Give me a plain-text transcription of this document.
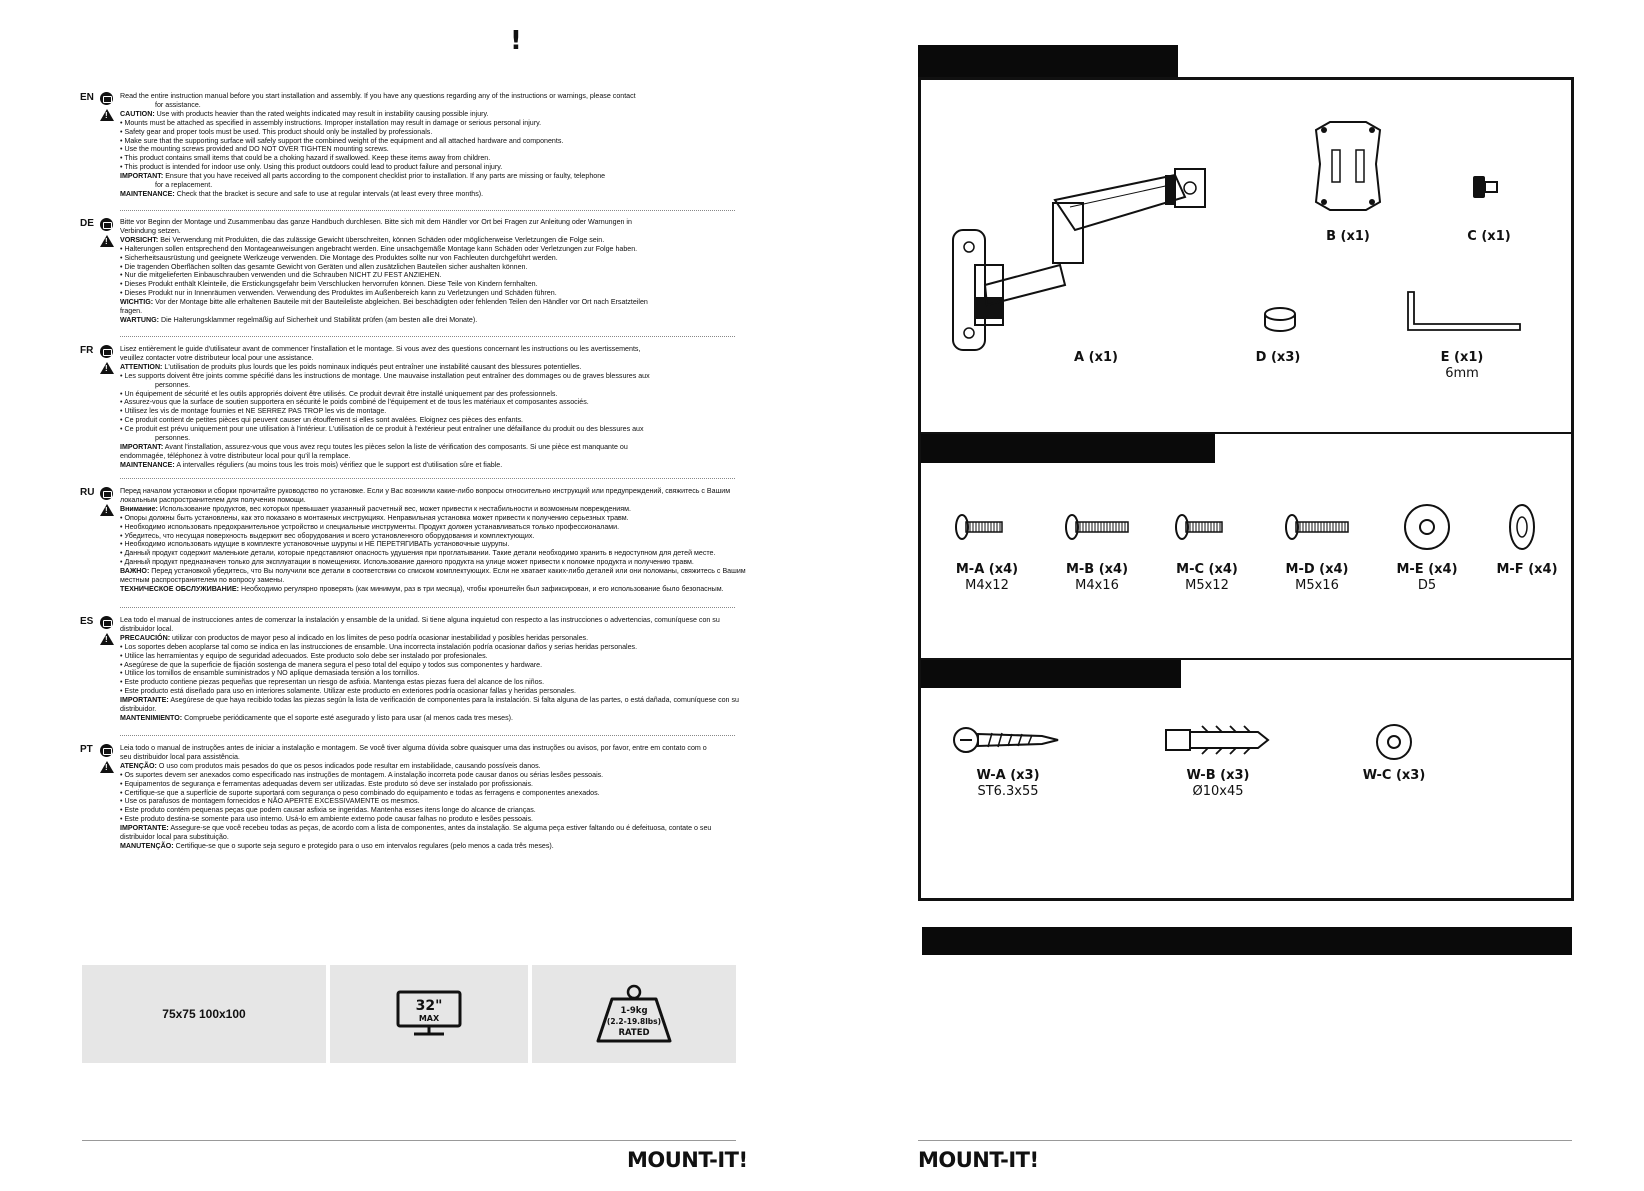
!
EN
!	Read the entire instruction manual before you start installation and assembly. If you have any questions regarding any of the instructions or warnings, please contact

for assistance.

CAUTION: Use with products heavier than the rated weights indicated may result in instability causing possible injury.

• Mounts must be attached as specified in assembly instructions. Improper installation may result in damage or serious personal injury.

• Safety gear and proper tools must be used. This product should only be installed by professionals.

• Make sure that the supporting surface will safely support the combined weight of the equipment and all attached hardware and components.

• Use the mounting screws provided and DO NOT OVER TIGHTEN mounting screws.

• This product contains small items that could be a choking hazard if swallowed. Keep these items away from children.

• This product is intended for indoor use only. Using this product outdoors could lead to product failure and personal injury.

IMPORTANT: Ensure that you have received all parts according to the component checklist prior to installation. If any parts are missing or faulty, telephone

for a replacement.

MAINTENANCE: Check that the bracket is secure and safe to use at regular intervals (at least every three months).

DE
!	Bitte vor Beginn der Montage und Zusammenbau das ganze Handbuch durchlesen. Bitte sich mit dem Händler vor Ort bei Fragen zur Anleitung oder Warnungen in

Verbindung setzen.

VORSICHT: Bei Verwendung mit Produkten, die das zulässige Gewicht überschreiten, können Schäden oder möglicherweise Verletzungen die Folge sein.

• Halterungen sollen entsprechend den Montageanweisungen angebracht werden. Eine unsachgemäße Montage kann Schäden oder Verletzungen zur Folge haben.

• Sicherheitsausrüstung und geeignete Werkzeuge verwenden. Die Montage des Produktes sollte nur von Fachleuten durchgeführt werden.

• Die tragenden Oberflächen sollten das gesamte Gewicht von Geräten und allen zusätzlichen Bauteilen sicher aushalten können.

• Nur die mitgelieferten Einbauschrauben verwenden und die Schrauben NICHT ZU FEST ANZIEHEN.

• Dieses Produkt enthält Kleinteile, die Erstickungsgefahr beim Verschlucken hervorrufen können. Diese Teile von Kindern fernhalten.

• Dieses Produkt nur in Innenräumen verwenden. Verwendung des Produktes im Außenbereich kann zu Verletzungen und Schäden führen.

WICHTIG: Vor der Montage bitte alle erhaltenen Bauteile mit der Bauteileliste abgleichen. Bei beschädigten oder fehlenden Teilen den Händler vor Ort nach Ersatzteilen

fragen.

WARTUNG: Die Halterungsklammer regelmäßig auf Sicherheit und Stabilität prüfen (am besten alle drei Monate).

FR
!	Lisez entièrement le guide d'utilisateur avant de commencer l'installation et le montage. Si vous avez des questions concernant les instructions ou les avertissements,

veuillez contacter votre distributeur local pour une assistance.

ATTENTION: L'utilisation de produits plus lourds que les poids nominaux indiqués peut entraîner une instabilité causant des blessures potentielles.

• Les supports doivent être joints comme spécifié dans les instructions de montage. Une mauvaise installation peut entraîner des dommages ou de graves blessures aux

personnes.

• Un équipement de sécurité et les outils appropriés doivent être utilisés. Ce produit devrait être installé uniquement par des professionnels.

• Assurez-vous que la surface de soutien supportera en sécurité le poids combiné de l'équipement et de tous les matériaux et composantes associés.

• Utilisez les vis de montage fournies et NE SERREZ PAS TROP les vis de montage.

• Ce produit contient de petites pièces qui peuvent causer un étouffement si elles sont avalées. Eloignez ces pièces des enfants.

• Ce produit est prévu uniquement pour une utilisation à l'intérieur. L'utilisation de ce produit à l'extérieur peut entraîner une défaillance du produit ou des blessures aux

personnes.

IMPORTANT: Avant l'installation, assurez-vous que vous avez reçu toutes les pièces selon la liste de vérification des composants. Si une pièce est manquante ou

endommagée, téléphonez à votre distributeur local pour qu'il la remplace.

MAINTENANCE: A intervalles réguliers (au moins tous les trois mois) vérifiez que le support est d'utilisation sûre et fiable.

RU
!	Перед началом установки и сборки прочитайте руководство по установке. Если у Вас возникли какие-либо вопросы относительно инструкций или предупреждений, свяжитесь с Вашим

локальным распространителем для получения помощи.

Внимание: Использование продуктов, вес которых превышает указанный расчетный вес, может привести к нестабильности и возможным повреждениям.

• Опоры должны быть установлены, как это показано в монтажных инструкциях. Неправильная установка может привести к получению серьезных травм.

• Необходимо использовать предохранительное устройство и специальные инструменты. Продукт должен устанавливаться только профессионалами.

• Убедитесь, что несущая поверхность выдержит вес оборудования и всего установленного оборудования и комплектующих.

• Необходимо использовать идущие в комплекте установочные шурупы и НЕ ПЕРЕТЯГИВАТЬ установочные шурупы.

• Данный продукт содержит маленькие детали, которые представляют опасность удушения при проглатывании. Такие детали необходимо хранить в недоступном для детей месте.

• Данный продукт предназначен только для эксплуатации в помещениях. Использование данного продукта на улице может привести к поломке продукта и получению травм.

ВАЖНО: Перед установкой убедитесь, что Вы получили все детали в соответствии со списком комплектующих. Если не хватает каких-либо деталей или они поломаны, свяжитесь с Вашим

местным распространителем по вопросу замены.

ТЕХНИЧЕСКОЕ ОБСЛУЖИВАНИЕ: Необходимо регулярно проверять (как минимум, раз в три месяца), чтобы кронштейн был зафиксирован, и его использование было безопасным.

ES
!	Lea todo el manual de instrucciones antes de comenzar la instalación y ensamble de la unidad. Si tiene alguna inquietud con respecto a las instrucciones o advertencias, comuníquese con su

distribuidor local.

PRECAUCIÓN: utilizar con productos de mayor peso al indicado en los límites de peso podría ocasionar inestabilidad y posibles heridas personales.

• Los soportes deben acoplarse tal como se indica en las instrucciones de ensamble. Una incorrecta instalación podría ocasionar daños y serias heridas personales.

• Utilice las herramientas y equipo de seguridad adecuados. Este producto solo debe ser instalado por profesionales.

• Asegúrese de que la superficie de fijación sostenga de manera segura el peso total del equipo y todos sus componentes y hardware.

• Utilice los tornillos de ensamble suministrados y NO aplique demasiada tensión a los tornillos.

• Este producto contiene piezas pequeñas que representan un riesgo de asfixia. Mantenga estas piezas fuera del alcance de los niños.

• Este producto está diseñado para uso en interiores solamente. Utilizar este producto en exteriores podría ocasionar fallas y heridas personales.

IMPORTANTE: Asegúrese de que haya recibido todas las piezas según la lista de verificación de componentes para la instalación. Si falta alguna de las partes, o está dañada, comuníquese con su

distribuidor.

MANTENIMIENTO: Compruebe periódicamente que el soporte esté asegurado y listo para usar (al menos cada tres meses).

PT
!	Leia todo o manual de instruções antes de iniciar a instalação e montagem. Se você tiver alguma dúvida sobre quaisquer uma das instruções ou avisos, por favor, entre em contato com o

seu distribuidor local para assistência.

ATENÇÃO: O uso com produtos mais pesados do que os pesos indicados pode resultar em instabilidade, causando possíveis danos.

• Os suportes devem ser anexados como especificado nas instruções de montagem. A instalação incorreta pode causar danos ou sérias lesões pessoais.

• Equipamentos de segurança e ferramentas adequadas devem ser utilizadas. Este produto só deve ser instalado por profissionais.

• Certifique-se que a superfície de suporte suportará com segurança o peso combinado do equipamento e todas as ferragens e componentes anexados.

• Use os parafusos de montagem fornecidos e NÃO APERTE EXCESSIVAMENTE os mesmos.

• Este produto contém pequenas peças que podem causar asfixia se ingeridas. Mantenha esses itens longe do alcance de crianças.

• Este produto destina-se somente para uso interno. Usá-lo em ambiente externo pode causar falhas no produto e lesões pessoais.

IMPORTANTE: Assegure-se que você recebeu todas as peças, de acordo com a lista de componentes, antes da instalação. Se alguma peça estiver faltando ou é defeituosa, contate o seu

distribuidor local para substituição.

MANUTENÇÃO: Certifique-se que o suporte seja seguro e protegido para o uso em intervalos regulares (pelo menos a cada três meses).

75x75 100x100	32"
MAX
1-9kg
(2.2-19.8lbs)
RATED
MOUNT-IT!
A (x1)
B (x1)	C (x1)
D (x3)	E (x1)
6mm
M-A (x4)
M4x12
M-B (x4)
M4x16
M-C (x4)
M5x12
M-D (x4)
M5x16
M-E (x4)
D5
M-F (x4)
W-A (x3)
ST6.3x55
W-B (x3)
Ø10x45
W-C (x3)
MOUNT-IT!
